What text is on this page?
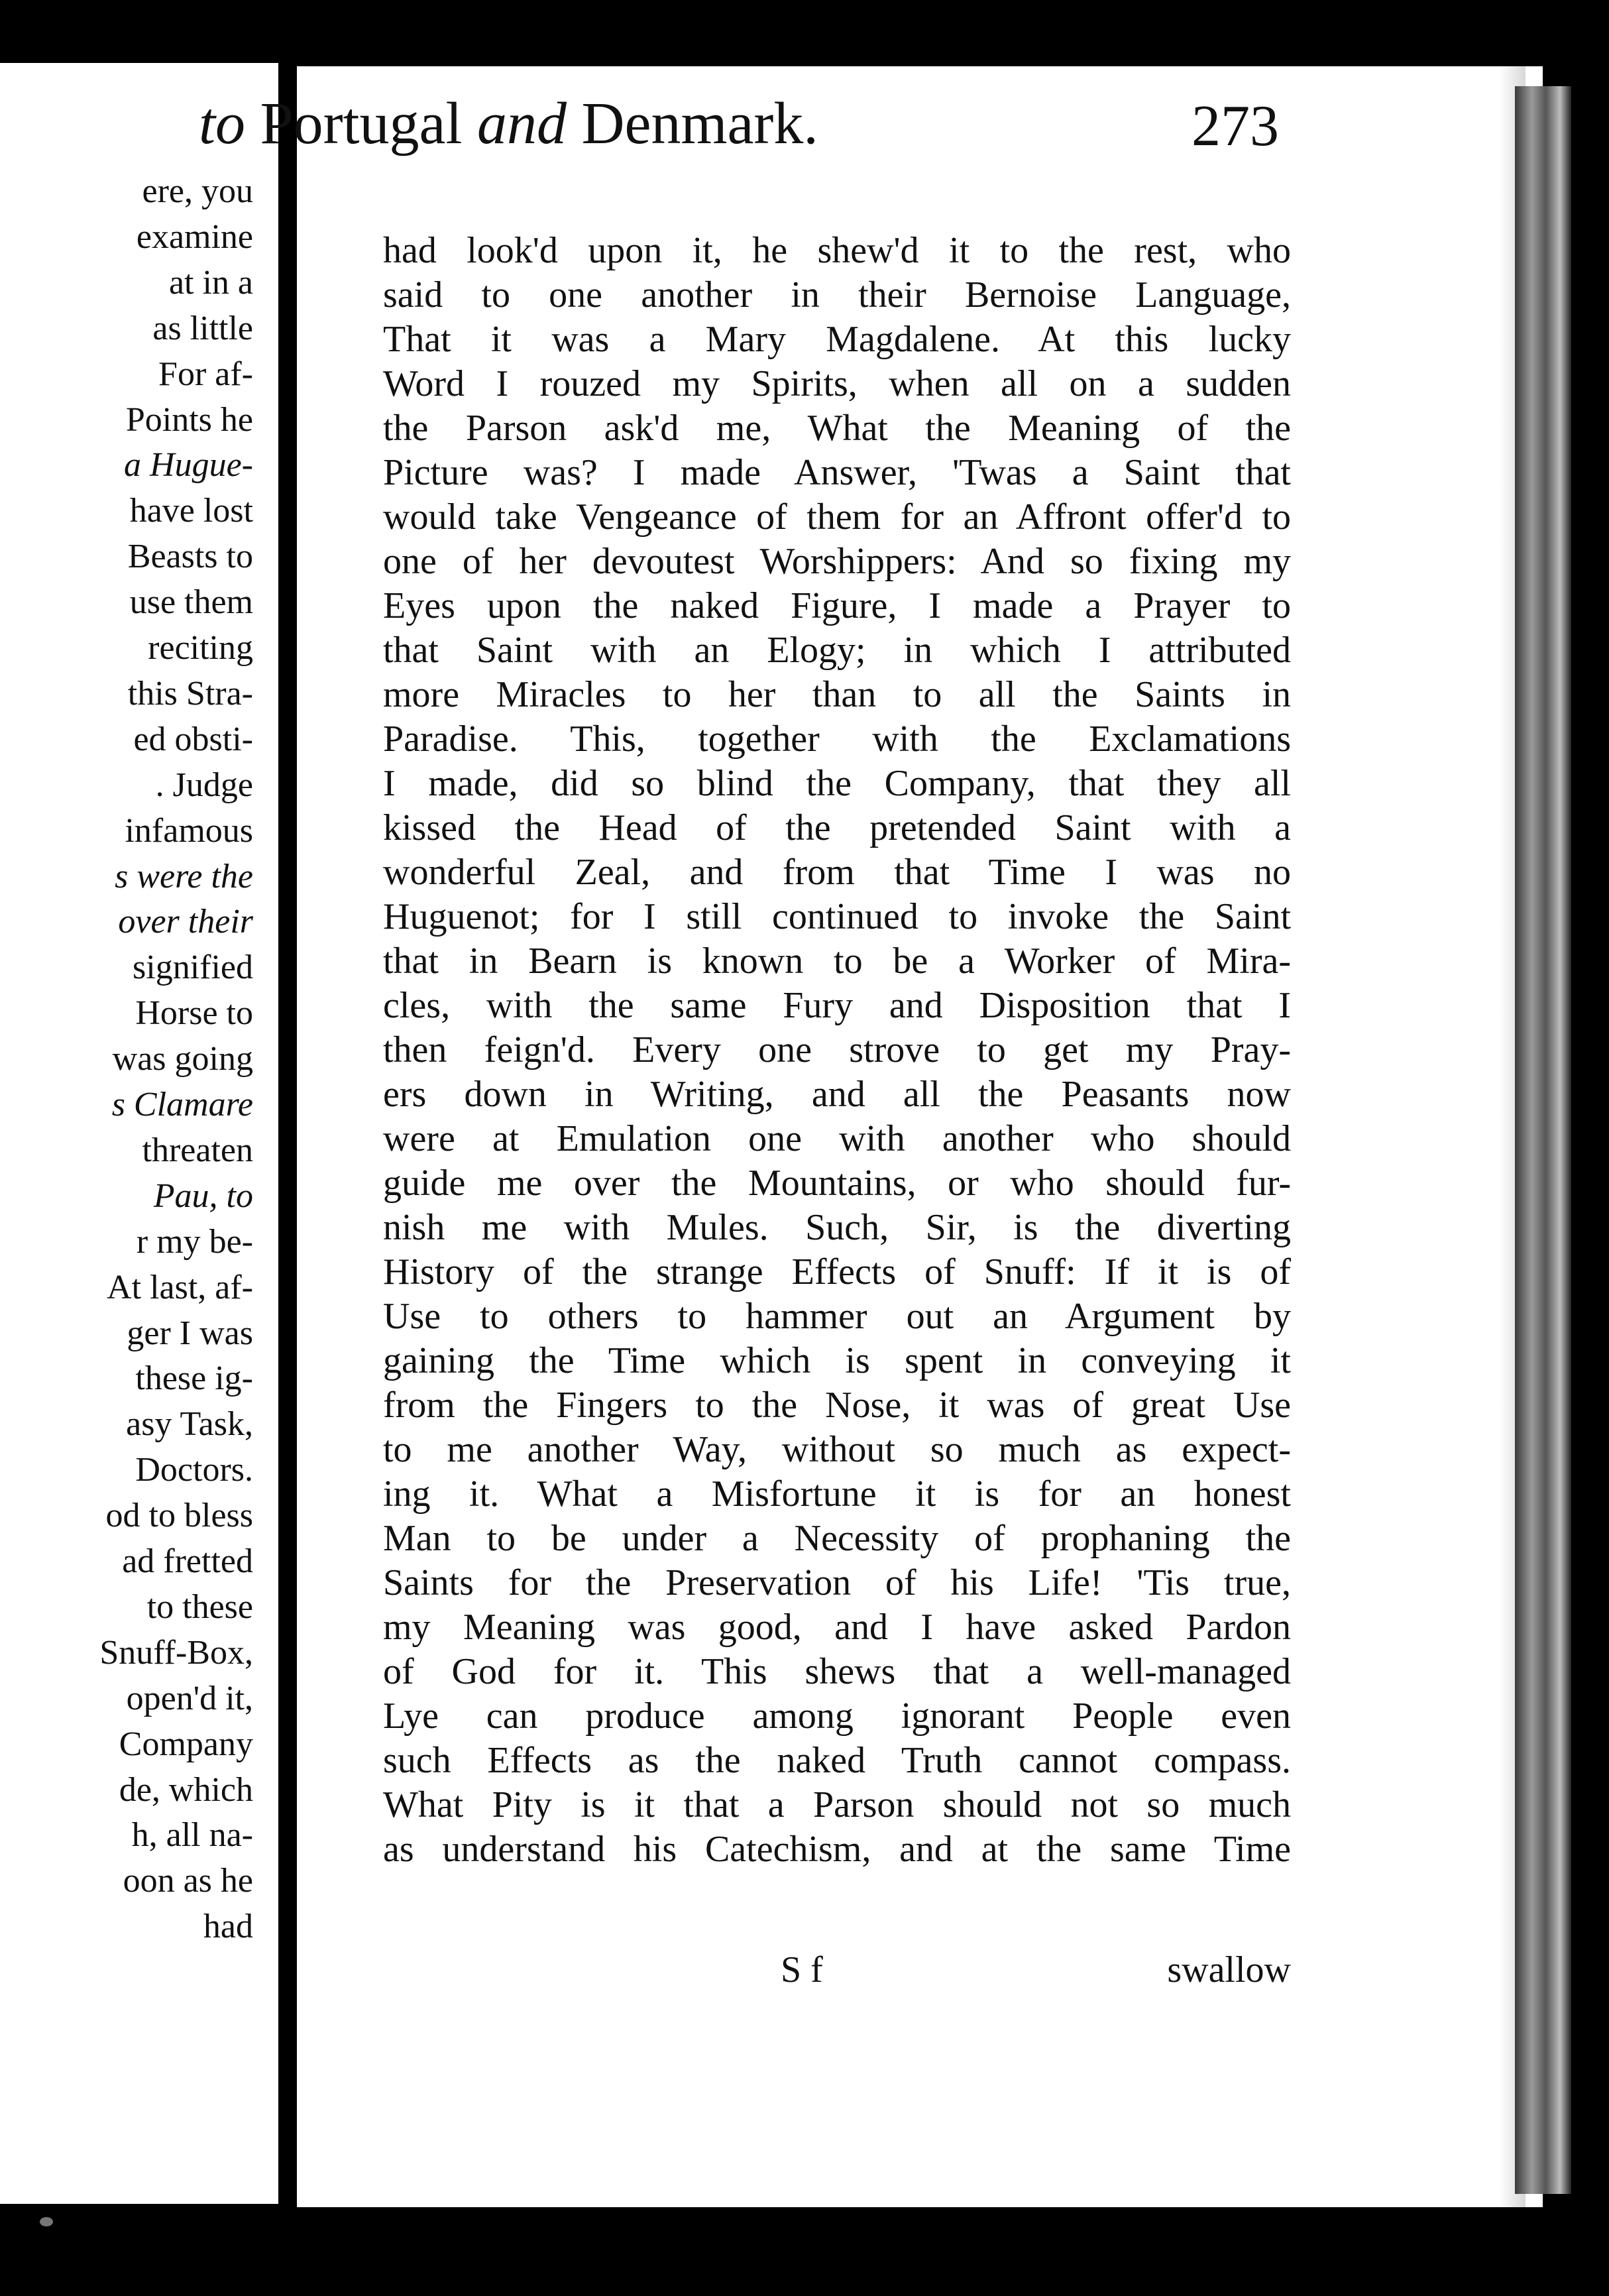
ere, you
examine
at in a
as little
For af-
Points he
a Hugue-
have lost
Beasts to
use them
reciting
this Stra-
ed obsti-
. Judge
infamous
s were the
over their
signified
Horse to
was going
s Clamare
threaten
Pau, to
r my be-
At last, af-
ger I was
these ig-
asy Task,
Doctors.
od to bless
ad fretted
to these
Snuff-Box,
open'd it,
Company
de, which
h, all na-
oon as he
had
to Portugal and Denmark.	273
had look'd upon it, he shew'd it to the rest, who
said to one another in their Bernoise Language,
That it was a Mary Magdalene. At this lucky
Word I rouzed my Spirits, when all on a sudden
the Parson ask'd me, What the Meaning of the
Picture was? I made Answer, 'Twas a Saint that
would take Vengeance of them for an Affront offer'd to
one of her devoutest Worshippers: And so fixing my
Eyes upon the naked Figure, I made a Prayer to
that Saint with an Elogy; in which I attributed
more Miracles to her than to all the Saints in
Paradise. This, together with the Exclamations
I made, did so blind the Company, that they all
kissed the Head of the pretended Saint with a
wonderful Zeal, and from that Time I was no
Huguenot; for I still continued to invoke the Saint
that in Bearn is known to be a Worker of Mira-
cles, with the same Fury and Disposition that I
then feign'd. Every one strove to get my Pray-
ers down in Writing, and all the Peasants now
were at Emulation one with another who should
guide me over the Mountains, or who should fur-
nish me with Mules. Such, Sir, is the diverting
History of the strange Effects of Snuff: If it is of
Use to others to hammer out an Argument by
gaining the Time which is spent in conveying it
from the Fingers to the Nose, it was of great Use
to me another Way, without so much as expect-
ing it. What a Misfortune it is for an honest
Man to be under a Necessity of prophaning the
Saints for the Preservation of his Life! 'Tis true,
my Meaning was good, and I have asked Pardon
of God for it. This shews that a well-managed
Lye can produce among ignorant People even
such Effects as the naked Truth cannot compass.
What Pity is it that a Parson should not so much
as understand his Catechism, and at the same Time
S f	swallow
